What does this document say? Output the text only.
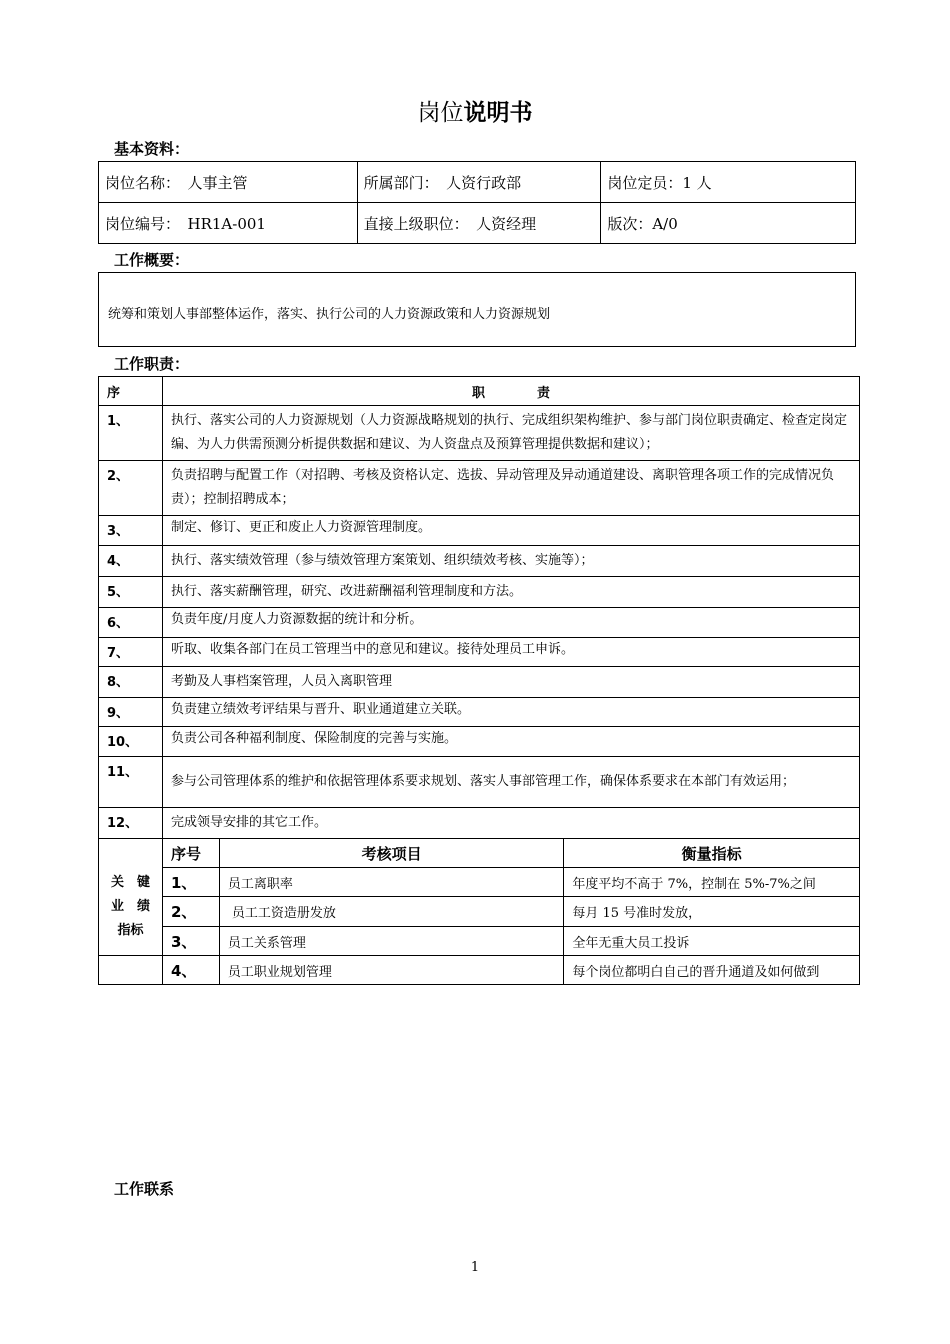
岗位说明书
基本资料：
岗位名称：　人事主管	所属部门：　人资行政部	岗位定员：1 人
岗位编号：　HR1A-001	直接上级职位：　人资经理	版次：A/0
工作概要：
统筹和策划人事部整体运作，落实、执行公司的人力资源政策和人力资源规划
工作职责：
序	职　　　　责		
1、	执行、落实公司的人力资源规划（人力资源战略规划的执行、完成组织架构维护、参与部门岗位职责确定、检查定岗定编、为人力供需预测分析提供数据和建议、为人资盘点及预算管理提供数据和建议）；		
2、	负责招聘与配置工作（对招聘、考核及资格认定、选拔、异动管理及异动通道建设、离职管理各项工作的完成情况负责）；控制招聘成本；		
3、	制定、修订、更正和废止人力资源管理制度。		
4、	执行、落实绩效管理（参与绩效管理方案策划、组织绩效考核、实施等）；		
5、	执行、落实薪酬管理，研究、改进薪酬福利管理制度和方法。		
6、	负责年度/月度人力资源数据的统计和分析。		
7、	听取、收集各部门在员工管理当中的意见和建议。接待处理员工申诉。		
8、	考勤及人事档案管理，人员入离职管理		
9、	负责建立绩效考评结果与晋升、职业通道建立关联。		
10、	负责公司各种福利制度、保险制度的完善与实施。		
11、	参与公司管理体系的维护和依据管理体系要求规划、落实人事部管理工作，确保体系要求在本部门有效运用；		
12、	完成领导安排的其它工作。		

关　键
业　绩
指标	序号	考核项目	衡量指标
	1、	员工离职率	年度平均不高于 7%，控制在 5%-7%之间
	2、	员工工资造册发放	每月 15 号准时发放，
	3、	员工关系管理	全年无重大员工投诉
	4、	员工职业规划管理	每个岗位都明白自己的晋升通道及如何做到
工作联系
1
